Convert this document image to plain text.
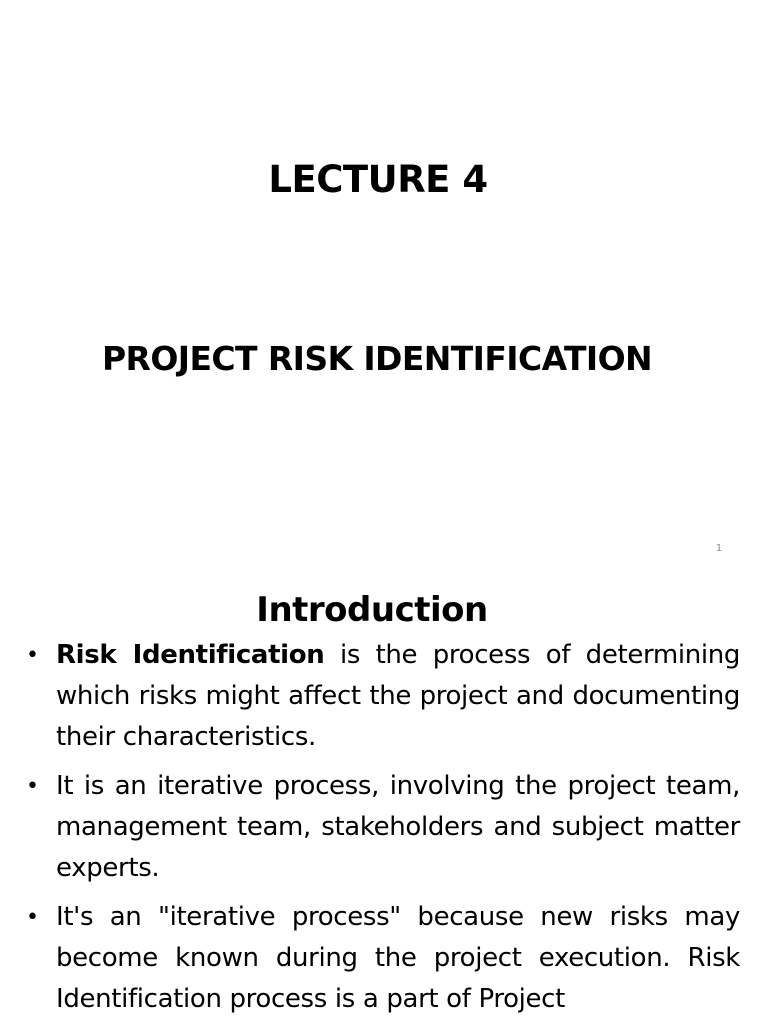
LECTURE 4
PROJECT RISK IDENTIFICATION
1
Introduction
• Risk Identification is the process of determining which risks might affect the project and documenting their characteristics.
• It is an iterative process, involving the project team, management team, stakeholders and subject matter experts.
• It's an "iterative process" because new risks may become known during the project execution. Risk Identification process is a part of Project
